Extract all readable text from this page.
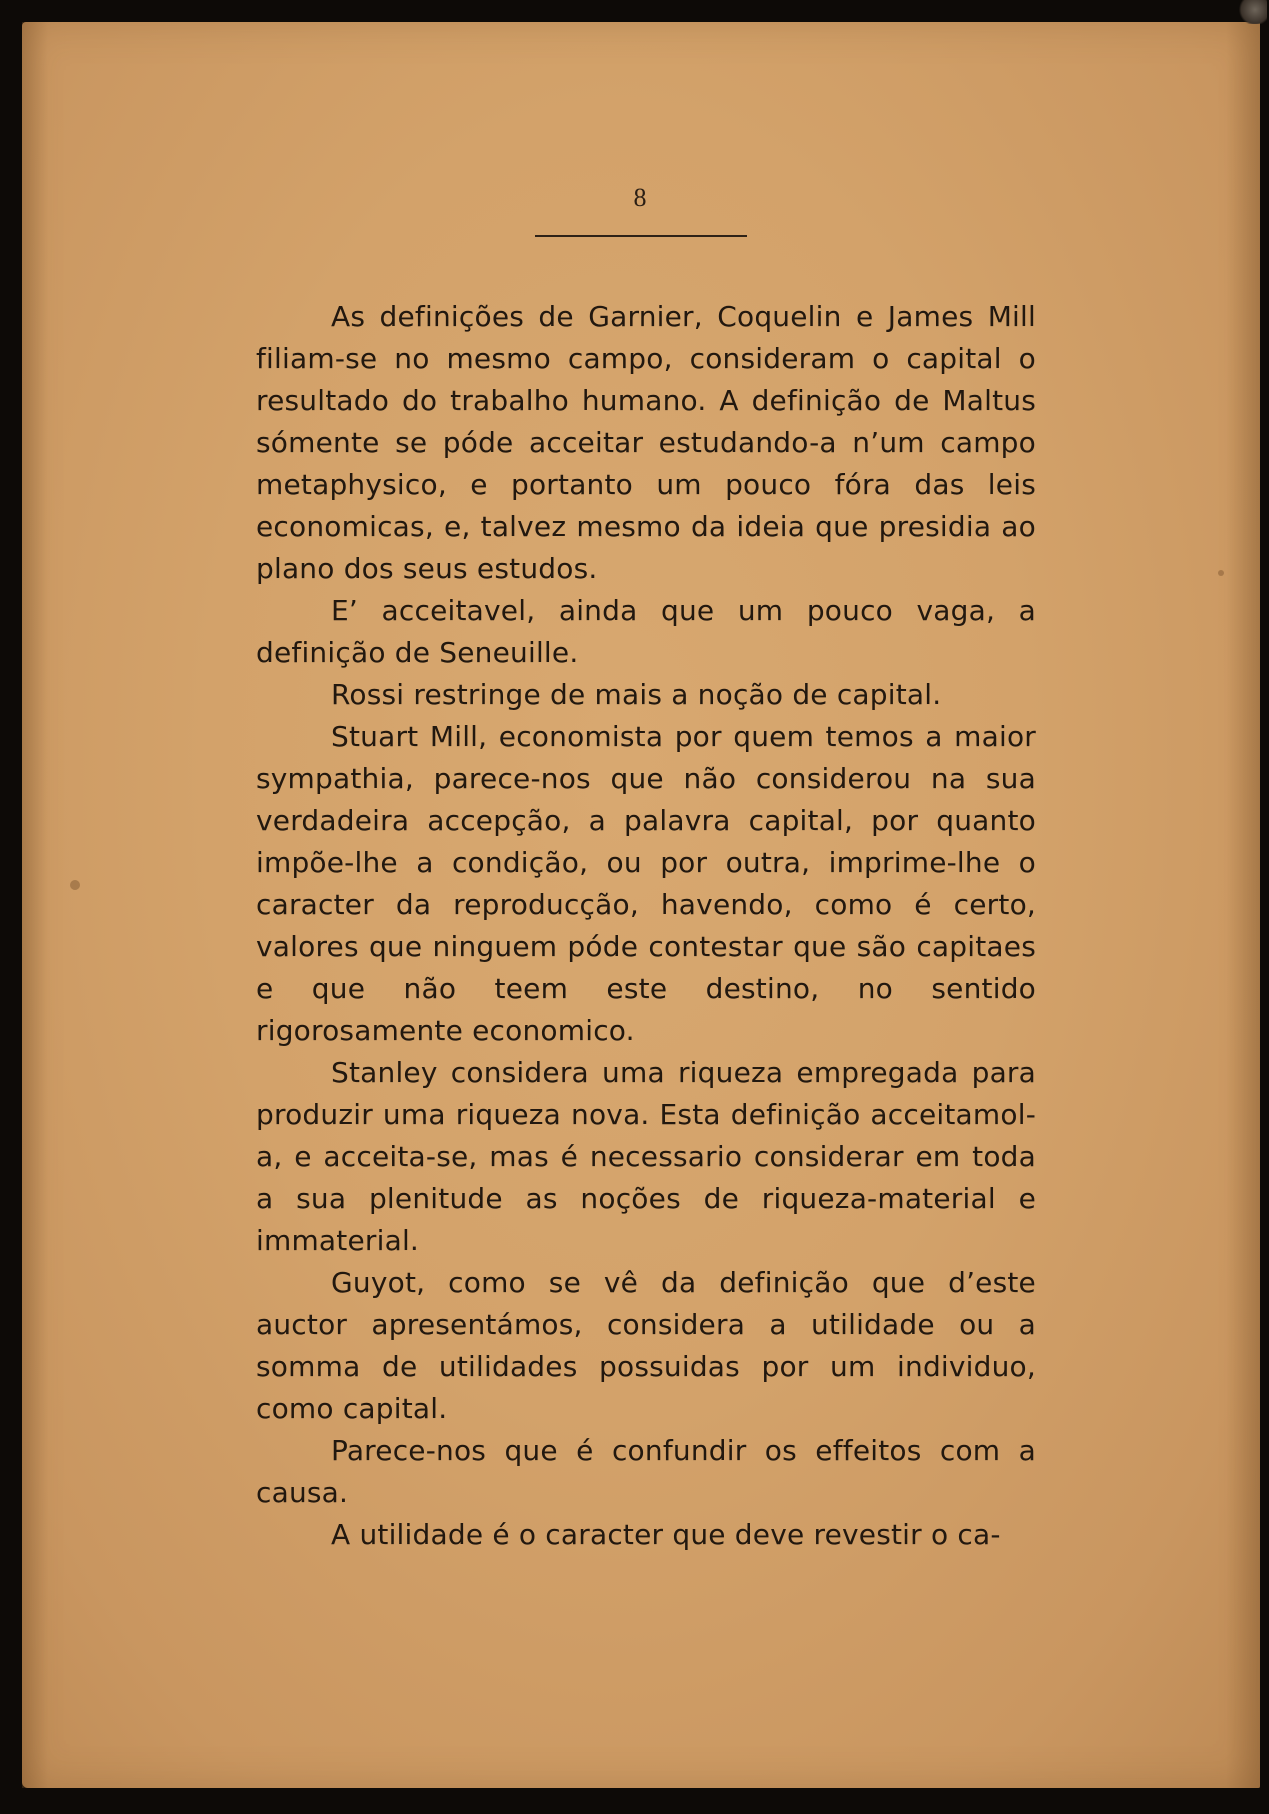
8

As definições de Garnier, Coquelin e James Mill filiam-se no mesmo campo, consideram o capital o resultado do trabalho humano. A definição de Maltus sómente se póde acceitar estudando-a n’um campo metaphysico, e portanto um pouco fóra das leis economicas, e, talvez mesmo da ideia que presidia ao plano dos seus estudos.

E’ acceitavel, ainda que um pouco vaga, a definição de Seneuille.

Rossi restringe de mais a noção de capital.

Stuart Mill, economista por quem temos a maior sympathia, parece-nos que não considerou na sua verdadeira accepção, a palavra capital, por quanto impõe-lhe a condição, ou por outra, imprime-lhe o caracter da reproducção, havendo, como é certo, valores que ninguem póde contestar que são capitaes e que não teem este destino, no sentido rigorosamente economico.

Stanley considera uma riqueza empregada para produzir uma riqueza nova. Esta definição acceitamol-a, e acceita-se, mas é necessario considerar em toda a sua plenitude as noções de riqueza-material e immaterial.

Guyot, como se vê da definição que d’este auctor apresentámos, considera a utilidade ou a somma de utilidades possuidas por um individuo, como capital.

Parece-nos que é confundir os effeitos com a causa.

A utilidade é o caracter que deve revestir o ca-
